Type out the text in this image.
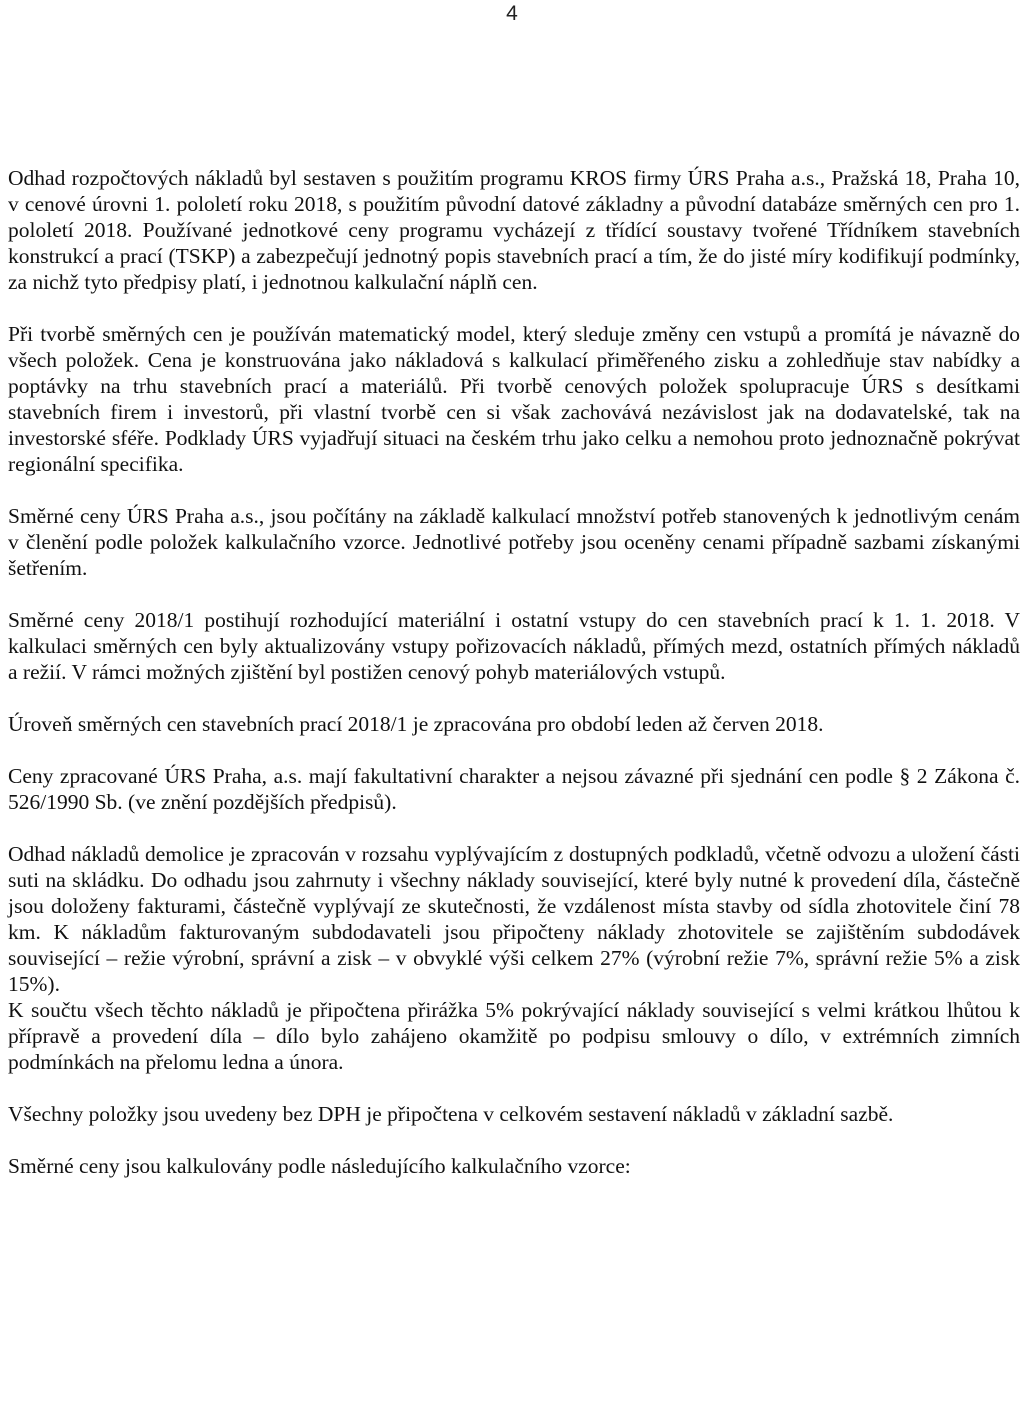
4

Odhad rozpočtových nákladů byl sestaven s použitím programu KROS firmy ÚRS Praha a.s., Pražská 18, Praha 10, v cenové úrovni 1. pololetí roku 2018, s použitím původní datové základny a původní databáze směrných cen pro 1. pololetí 2018. Používané jednotkové ceny programu vycházejí z třídící soustavy tvořené Třídníkem stavebních konstrukcí a prací (TSKP) a zabezpečují jednotný popis stavebních prací a tím, že do jisté míry kodifikují podmínky, za nichž tyto předpisy platí, i jednotnou kalkulační náplň cen.

Při tvorbě směrných cen je používán matematický model, který sleduje změny cen vstupů a promítá je návazně do všech položek. Cena je konstruována jako nákladová s kalkulací přiměřeného zisku a zohledňuje stav nabídky a poptávky na trhu stavebních prací a materiálů. Při tvorbě cenových položek spolupracuje ÚRS s desítkami stavebních firem i investorů, při vlastní tvorbě cen si však zachovává nezávislost jak na dodavatelské, tak na investorské sféře. Podklady ÚRS vyjadřují situaci na českém trhu jako celku a nemohou proto jednoznačně pokrývat regionální specifika.

Směrné ceny ÚRS Praha a.s., jsou počítány na základě kalkulací množství potřeb stanovených k jednotlivým cenám v členění podle položek kalkulačního vzorce. Jednotlivé potřeby jsou oceněny cenami případně sazbami získanými šetřením.

Směrné ceny 2018/1 postihují rozhodující materiální i ostatní vstupy do cen stavebních prací k 1. 1. 2018. V kalkulaci směrných cen byly aktualizovány vstupy pořizovacích nákladů, přímých mezd, ostatních přímých nákladů a režií. V rámci možných zjištění byl postižen cenový pohyb materiálových vstupů.

Úroveň směrných cen stavebních prací 2018/1 je zpracována pro období leden až červen 2018.

Ceny zpracované ÚRS Praha, a.s. mají fakultativní charakter a nejsou závazné při sjednání cen podle § 2 Zákona č. 526/1990 Sb. (ve znění pozdějších předpisů).

Odhad nákladů demolice je zpracován v rozsahu vyplývajícím z dostupných podkladů, včetně odvozu a uložení části suti na skládku. Do odhadu jsou zahrnuty i všechny náklady související, které byly nutné k provedení díla, částečně jsou doloženy fakturami, částečně vyplývají ze skutečnosti, že vzdálenost místa stavby od sídla zhotovitele činí 78 km. K nákladům fakturovaným subdodavateli jsou připočteny náklady zhotovitele se zajištěním subdodávek související – režie výrobní, správní a zisk – v obvyklé výši celkem 27% (výrobní režie 7%, správní režie 5% a zisk 15%).

K součtu všech těchto nákladů je připočtena přirážka 5% pokrývající náklady související s velmi krátkou lhůtou k přípravě a provedení díla – dílo bylo zahájeno okamžitě po podpisu smlouvy o dílo, v extrémních zimních podmínkách na přelomu ledna a února.

Všechny položky jsou uvedeny bez DPH je připočtena v celkovém sestavení nákladů v základní sazbě.

Směrné ceny jsou kalkulovány podle následujícího kalkulačního vzorce:
